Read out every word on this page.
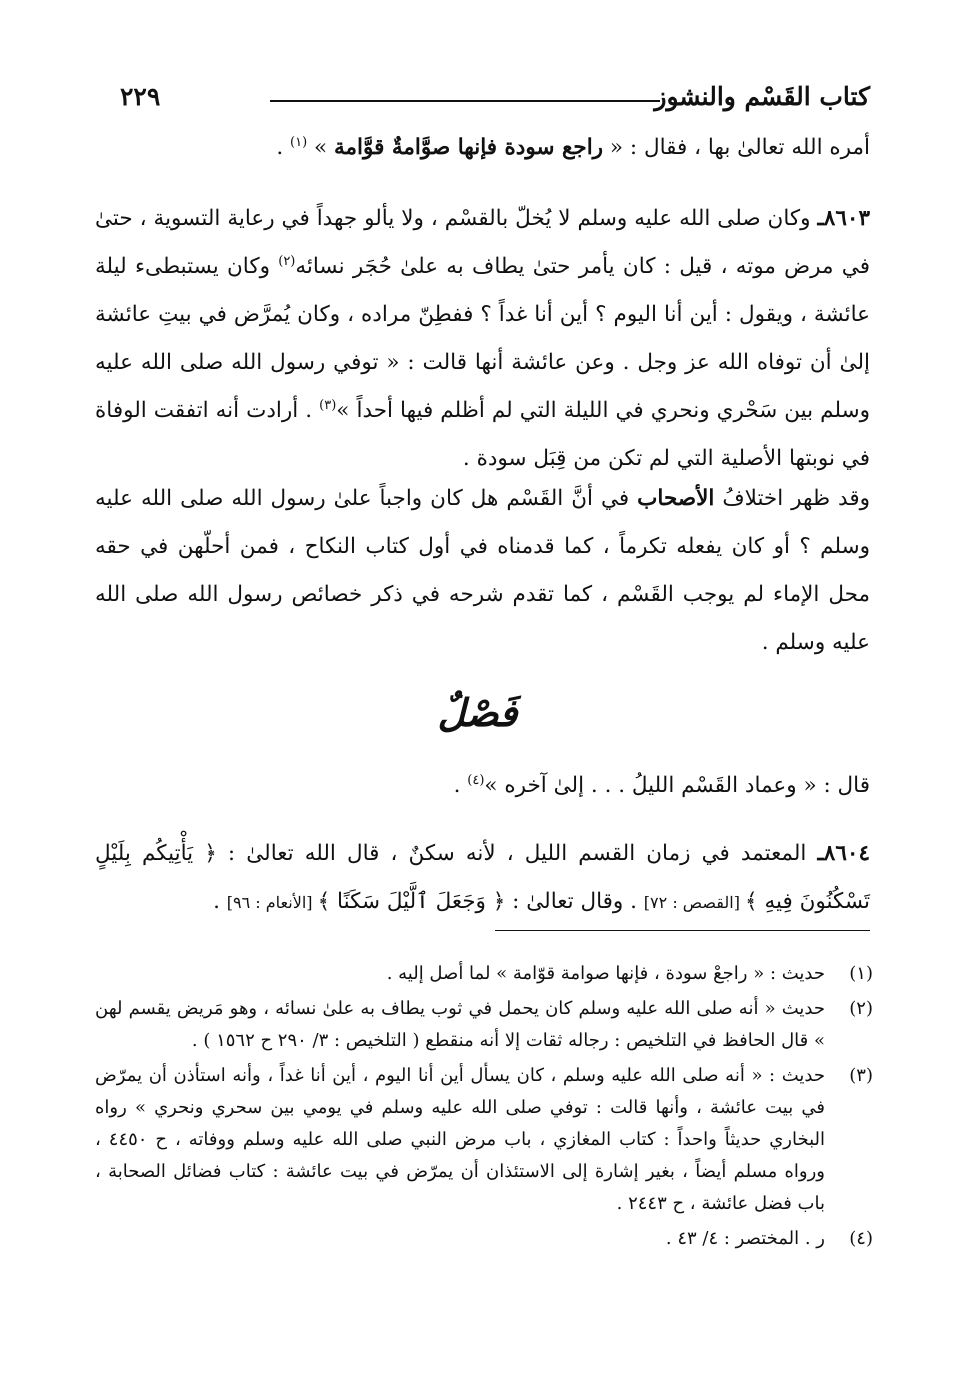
كتاب القَسْم والنشوز
٢٢٩
أمره الله تعالىٰ بها ، فقال : « راجع سودة فإنها صوَّامةٌ قوَّامة » $^{(١)}$ .
٨٦٠٣ـ وكان صلى الله عليه وسلم لا يُخلّ بالقسْم ، ولا يألو جهداً في رعاية التسوية ، حتىٰ في مرض موته ، قيل : كان يأمر حتىٰ يطاف به علىٰ حُجَر نسائه$^{(٢)}$ وكان يستبطىء ليلة عائشة ، ويقول : أين أنا اليوم ؟ أين أنا غداً ؟ ففطِنّ مراده ، وكان يُمرَّض في بيتِ عائشة إلىٰ أن توفاه الله عز وجل . وعن عائشة أنها قالت : « توفي رسول الله صلى الله عليه وسلم بين سَحْري ونحري في الليلة التي لم أظلم فيها أحداً »$^{(٣)}$ . أرادت أنه اتفقت الوفاة في نوبتها الأصلية التي لم تكن من قِبَل سودة .
وقد ظهر اختلافُ الأصحاب في أنَّ القَسْم هل كان واجباً علىٰ رسول الله صلى الله عليه وسلم ؟ أو كان يفعله تكرماً ، كما قدمناه في أول كتاب النكاح ، فمن أحلّهن في حقه محل الإماء لم يوجب القَسْم ، كما تقدم شرحه في ذكر خصائص رسول الله صلى الله عليه وسلم .
فَصْلٌ
قال : « وعماد القَسْم الليلُ . . . إلىٰ آخره »$^{(٤)}$ .
٨٦٠٤ـ المعتمد في زمان القسم الليل ، لأنه سكنٌ ، قال الله تعالىٰ : ﴿ يَأْتِيكُم بِلَيْلٍ تَسْكُنُونَ فِيهِ ﴾ [القصص : ٧٢] . وقال تعالىٰ : ﴿ وَجَعَلَ ٱلَّيْلَ سَكَنًا ﴾ [الأنعام : ٩٦] .
(١)
حديث : « راجعْ سودة ، فإنها صوامة قوّامة » لما أصل إليه .
(٢)
حديث « أنه صلى الله عليه وسلم كان يحمل في ثوب يطاف به علىٰ نسائه ، وهو مَريض يقسم لهن » قال الحافظ في التلخيص : رجاله ثقات إلا أنه منقطع ( التلخيص : ٣/ ٢٩٠ ح ١٥٦٢ ) .
(٣)
حديث : « أنه صلى الله عليه وسلم ، كان يسأل أين أنا اليوم ، أين أنا غداً ، وأنه استأذن أن يمرّض في بيت عائشة ، وأنها قالت : توفي صلى الله عليه وسلم في يومي بين سحري ونحري » رواه البخاري حديثاً واحداً : كتاب المغازي ، باب مرض النبي صلى الله عليه وسلم ووفاته ، ح ٤٤٥٠ ، ورواه مسلم أيضاً ، بغير إشارة إلى الاستئذان أن يمرّض في بيت عائشة : كتاب فضائل الصحابة ، باب فضل عائشة ، ح ٢٤٤٣ .
(٤)
ر . المختصر : ٤/ ٤٣ .
